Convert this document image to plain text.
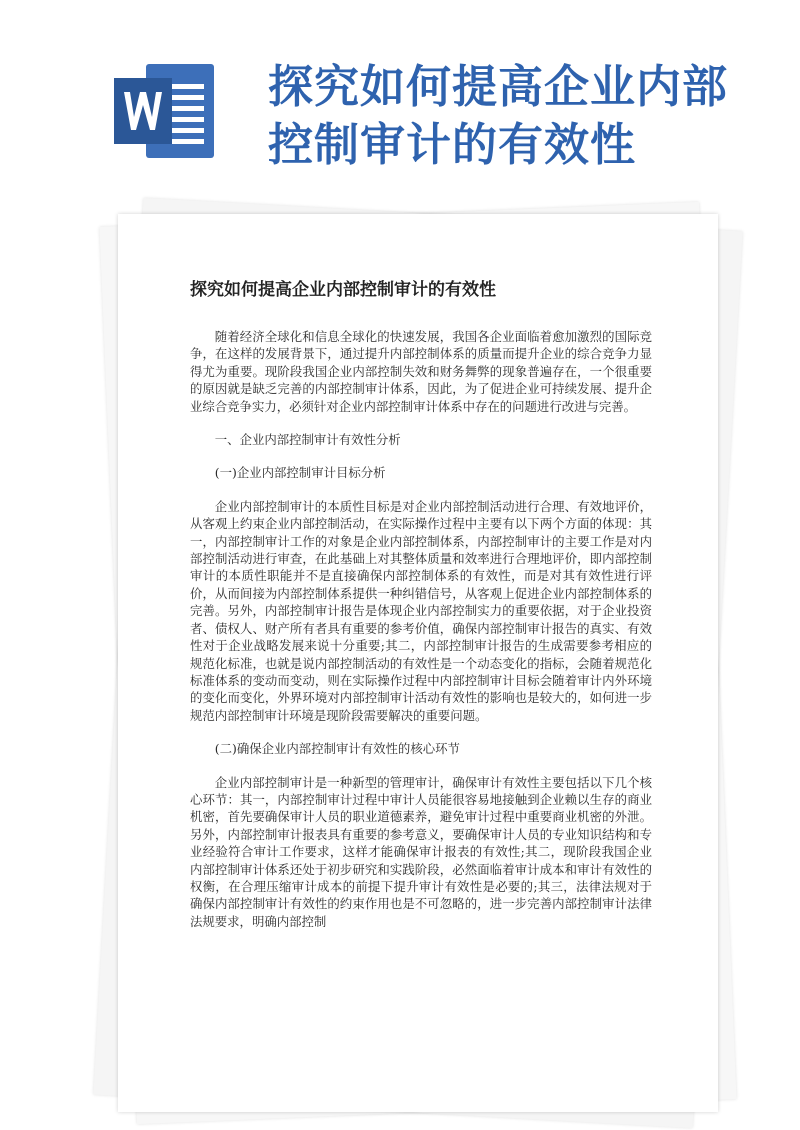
探究如何提高企业内部
控制审计的有效性
探究如何提高企业内部控制审计的有效性

随着经济全球化和信息全球化的快速发展，我国各企业面临着愈加激烈的国际竞争，在这样的发展背景下，通过提升内部控制体系的质量而提升企业的综合竞争力显得尤为重要。现阶段我国企业内部控制失效和财务舞弊的现象普遍存在，一个很重要的原因就是缺乏完善的内部控制审计体系，因此，为了促进企业可持续发展、提升企业综合竞争实力，必须针对企业内部控制审计体系中存在的问题进行改进与完善。

一、企业内部控制审计有效性分析

(一)企业内部控制审计目标分析

企业内部控制审计的本质性目标是对企业内部控制活动进行合理、有效地评价，从客观上约束企业内部控制活动，在实际操作过程中主要有以下两个方面的体现：其一，内部控制审计工作的对象是企业内部控制体系，内部控制审计的主要工作是对内部控制活动进行审查，在此基础上对其整体质量和效率进行合理地评价，即内部控制审计的本质性职能并不是直接确保内部控制体系的有效性，而是对其有效性进行评价，从而间接为内部控制体系提供一种纠错信号，从客观上促进企业内部控制体系的完善。另外，内部控制审计报告是体现企业内部控制实力的重要依据，对于企业投资者、债权人、财产所有者具有重要的参考价值，确保内部控制审计报告的真实、有效性对于企业战略发展来说十分重要;其二，内部控制审计报告的生成需要参考相应的规范化标准，也就是说内部控制活动的有效性是一个动态变化的指标，会随着规范化标准体系的变动而变动，则在实际操作过程中内部控制审计目标会随着审计内外环境的变化而变化，外界环境对内部控制审计活动有效性的影响也是较大的，如何进一步规范内部控制审计环境是现阶段需要解决的重要问题。

(二)确保企业内部控制审计有效性的核心环节

企业内部控制审计是一种新型的管理审计，确保审计有效性主要包括以下几个核心环节：其一，内部控制审计过程中审计人员能很容易地接触到企业赖以生存的商业机密，首先要确保审计人员的职业道德素养，避免审计过程中重要商业机密的外泄。另外，内部控制审计报表具有重要的参考意义，要确保审计人员的专业知识结构和专业经验符合审计工作要求，这样才能确保审计报表的有效性;其二，现阶段我国企业内部控制审计体系还处于初步研究和实践阶段，必然面临着审计成本和审计有效性的权衡，在合理压缩审计成本的前提下提升审计有效性是必要的;其三，法律法规对于确保内部控制审计有效性的约束作用也是不可忽略的，进一步完善内部控制审计法律法规要求，明确内部控制
